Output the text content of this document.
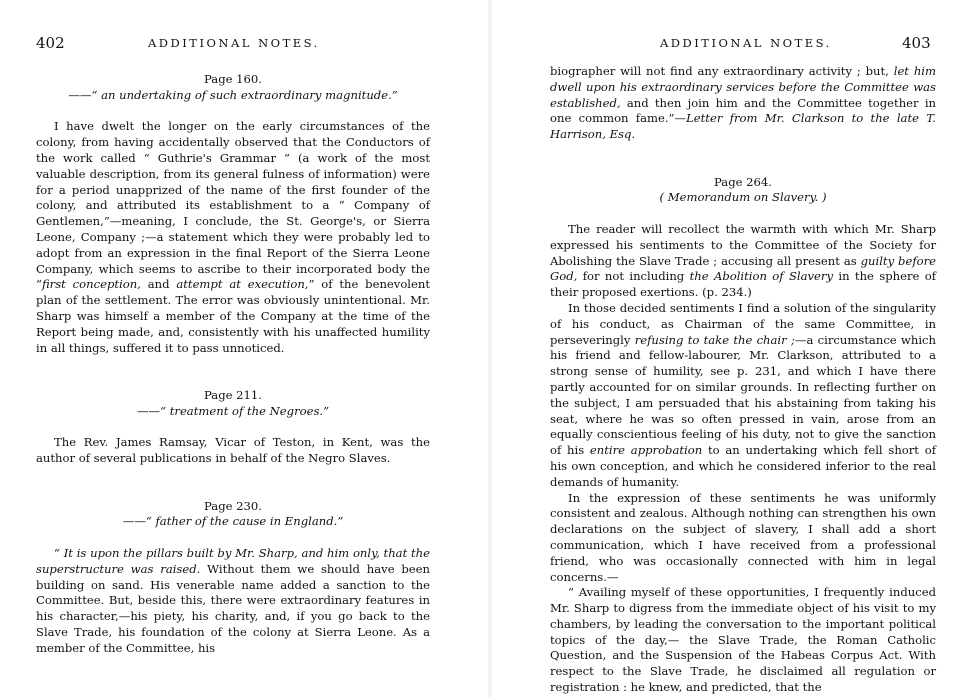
402	ADDITIONAL NOTES.

Page 160.

——“ an undertaking of such extraordinary magnitude.”

I have dwelt the longer on the early circumstances of the colony, from having accidentally observed that the Conductors of the work called “ Guthrie's Grammar ” (a work of the most valuable description, from its general fulness of information) were for a period unapprized of the name of the first founder of the colony, and attributed its establishment to a “ Company of Gentlemen,”—meaning, I conclude, the St. George's, or Sierra Leone, Company ;—a statement which they were probably led to adopt from an expression in the final Report of the Sierra Leone Company, which seems to ascribe to their incorporated body the “first conception, and attempt at execution,” of the benevolent plan of the settlement. The error was obviously unintentional. Mr. Sharp was himself a member of the Company at the time of the Report being made, and, consistently with his unaffected humility in all things, suffered it to pass unnoticed.

Page 211.

——“ treatment of the Negroes.”

The Rev. James Ramsay, Vicar of Teston, in Kent, was the author of several publications in behalf of the Negro Slaves.

Page 230.

——“ father of the cause in England.”

“ It is upon the pillars built by Mr. Sharp, and him only, that the superstructure was raised. Without them we should have been building on sand. His venerable name added a sanction to the Committee. But, beside this, there were extraordinary features in his character,—his piety, his charity, and, if you go back to the Slave Trade, his foundation of the colony at Sierra Leone. As a member of the Committee, his

ADDITIONAL NOTES.	403

biographer will not find any extraordinary activity ; but, let him dwell upon his extraordinary services before the Committee was established, and then join him and the Committee together in one common fame.”—Letter from Mr. Clarkson to the late T. Harrison, Esq.

Page 264.

( Memorandum on Slavery. )

The reader will recollect the warmth with which Mr. Sharp expressed his sentiments to the Committee of the Society for Abolishing the Slave Trade ; accusing all present as guilty before God, for not including the Abolition of Slavery in the sphere of their proposed exertions. (p. 234.)

In those decided sentiments I find a solution of the singularity of his conduct, as Chairman of the same Committee, in perseveringly refusing to take the chair ;—a circumstance which his friend and fellow-labourer, Mr. Clarkson, attributed to a strong sense of humility, see p. 231, and which I have there partly accounted for on similar grounds. In reflecting further on the subject, I am persuaded that his abstaining from taking his seat, where he was so often pressed in vain, arose from an equally conscientious feeling of his duty, not to give the sanction of his entire approbation to an undertaking which fell short of his own conception, and which he considered inferior to the real demands of humanity.

In the expression of these sentiments he was uniformly consistent and zealous. Although nothing can strengthen his own declarations on the subject of slavery, I shall add a short communication, which I have received from a professional friend, who was occasionally connected with him in legal concerns.—

“ Availing myself of these opportunities, I frequently induced Mr. Sharp to digress from the immediate object of his visit to my chambers, by leading the conversation to the important political topics of the day,— the Slave Trade, the Roman Catholic Question, and the Suspension of the Habeas Corpus Act. With respect to the Slave Trade, he disclaimed all regulation or registration : he knew, and predicted, that the
